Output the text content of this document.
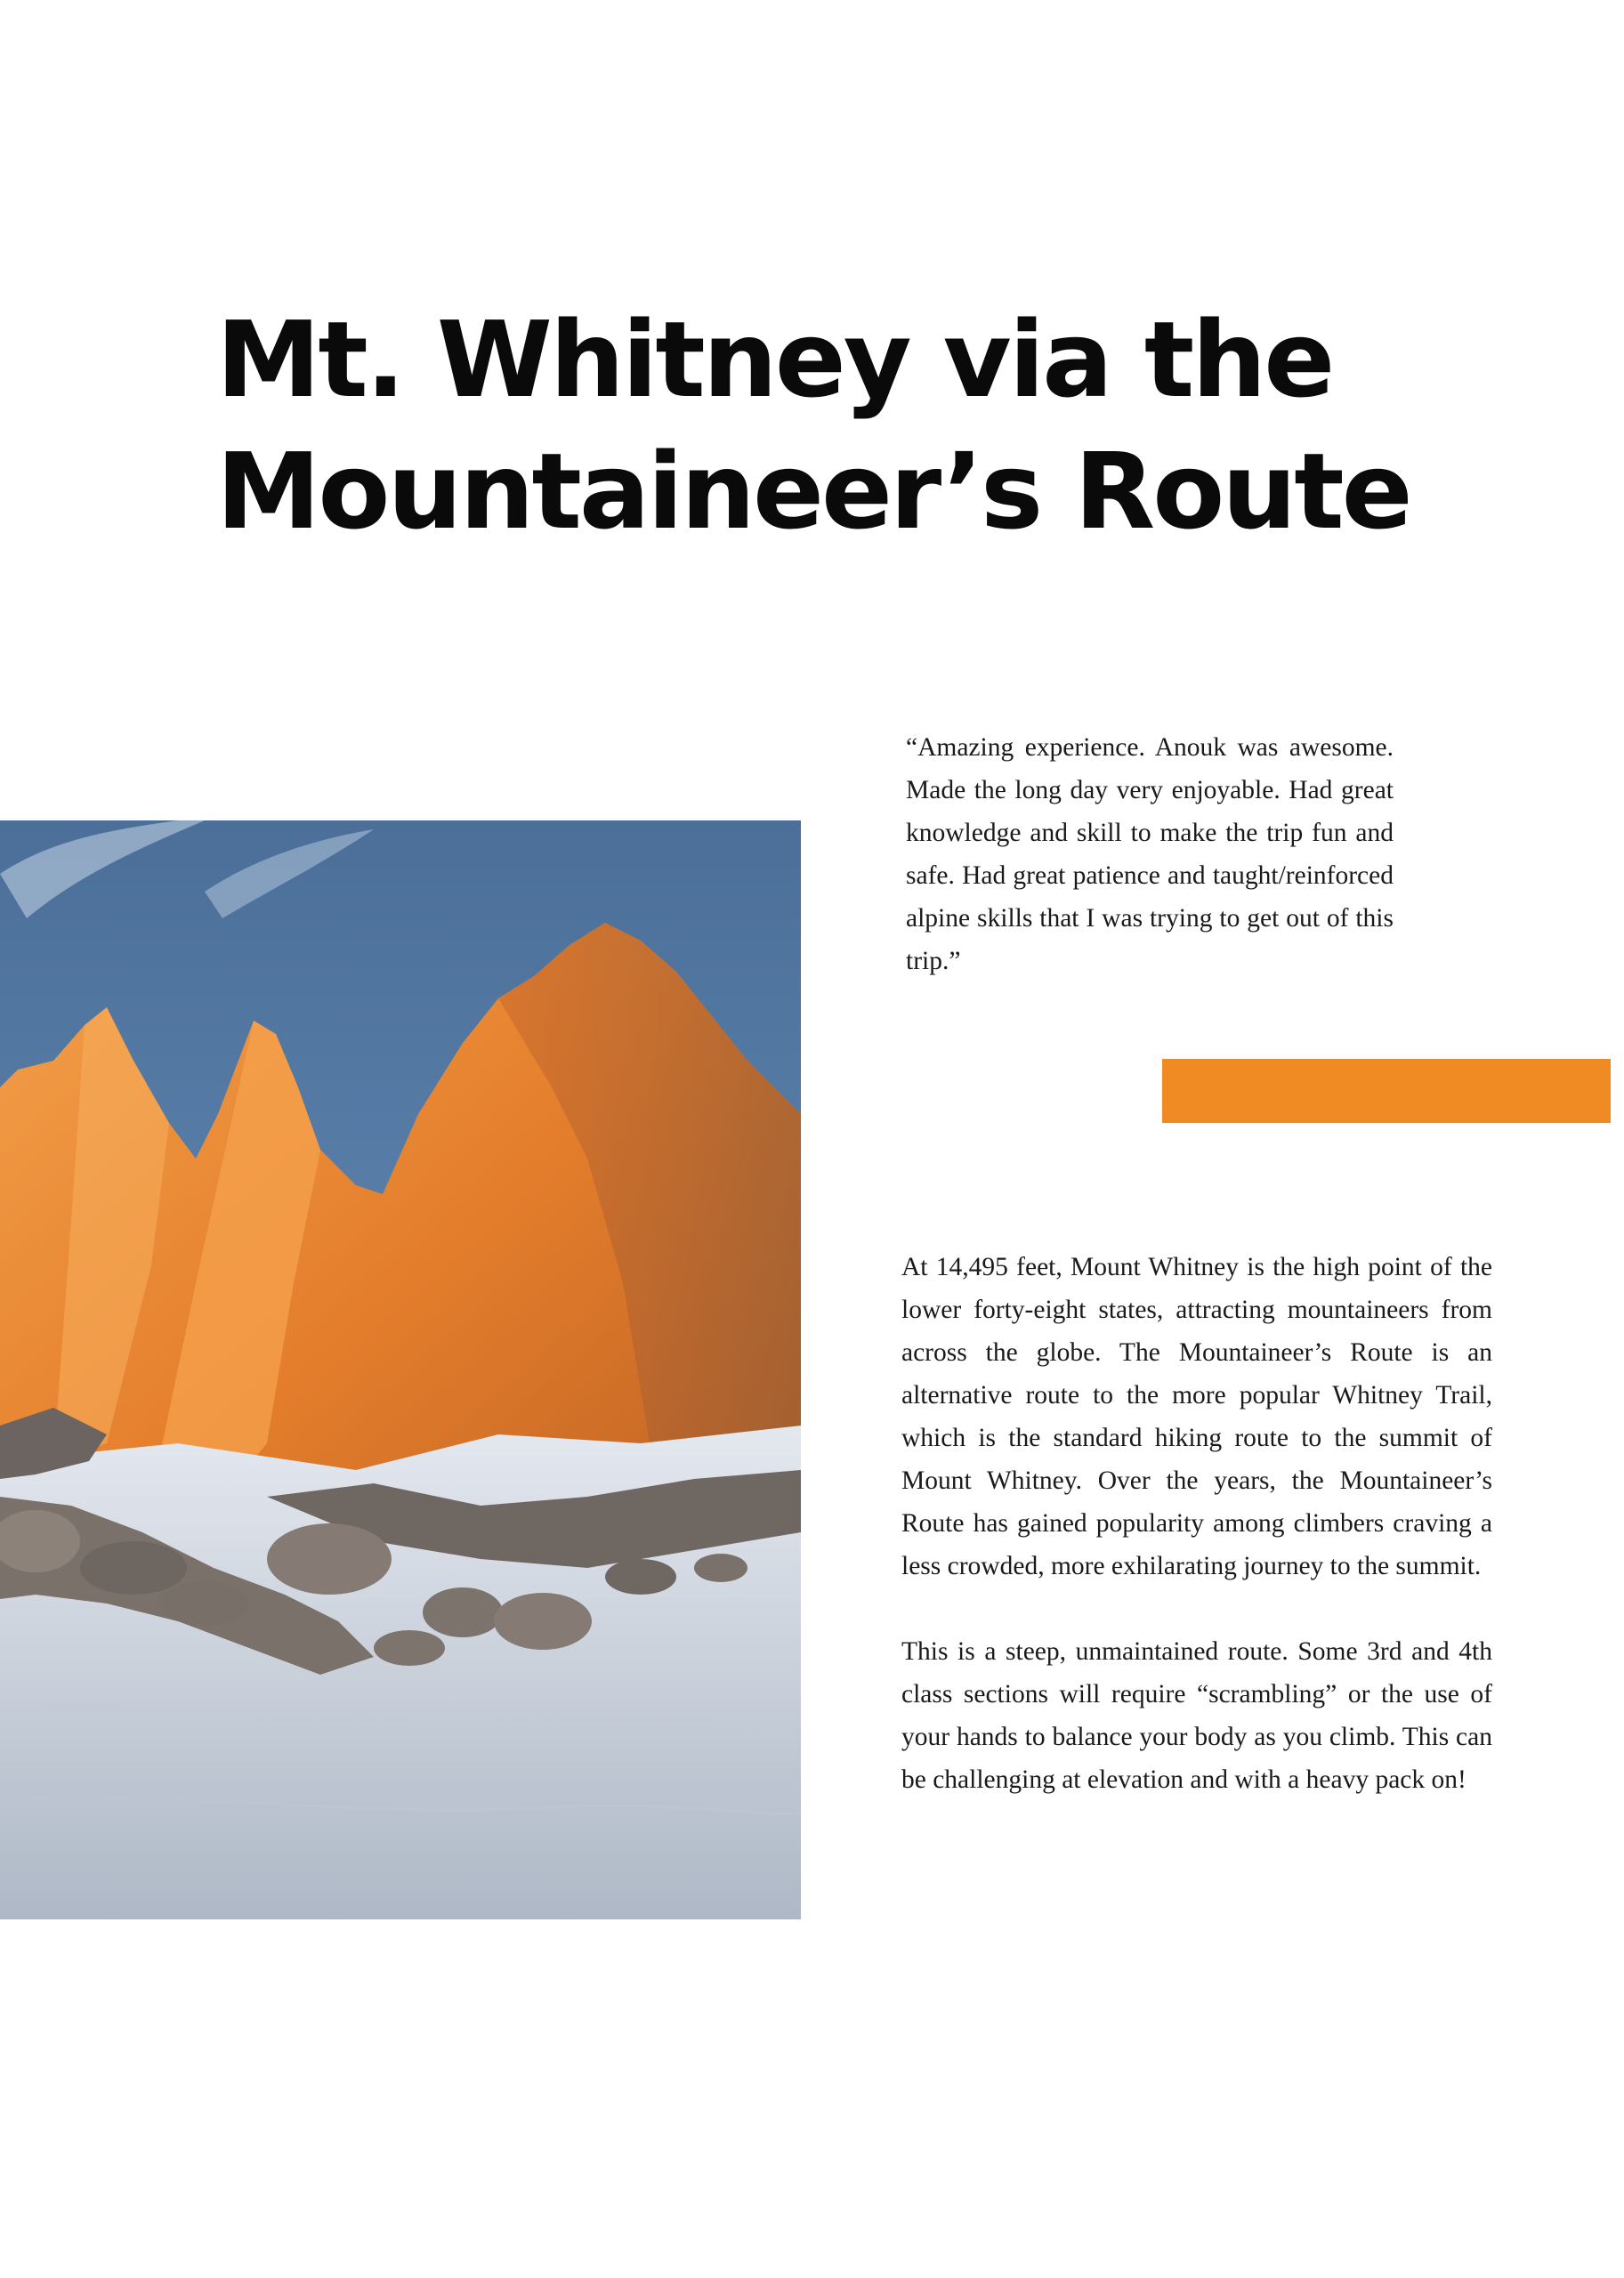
Mt. Whitney via the
Mountaineer’s Route

“Amazing experience. Anouk was awesome. Made the long day very enjoyable. Had great knowledge and skill to make the trip fun and safe. Had great patience and taught/reinforced alpine skills that I was trying to get out of this trip.”

At 14,495 feet, Mount Whitney is the high point of the lower forty-eight states, attracting mountaineers from across the globe. The Mountaineer’s Route is an alternative route to the more popular Whitney Trail, which is the standard hiking route to the summit of Mount Whitney. Over the years, the Mountaineer’s Route has gained popularity among climbers craving a less crowded, more exhilarating journey to the summit.

This is a steep, unmaintained route. Some 3rd and 4th class sections will require “scrambling” or the use of your hands to balance your body as you climb. This can be challenging at elevation and with a heavy pack on!
